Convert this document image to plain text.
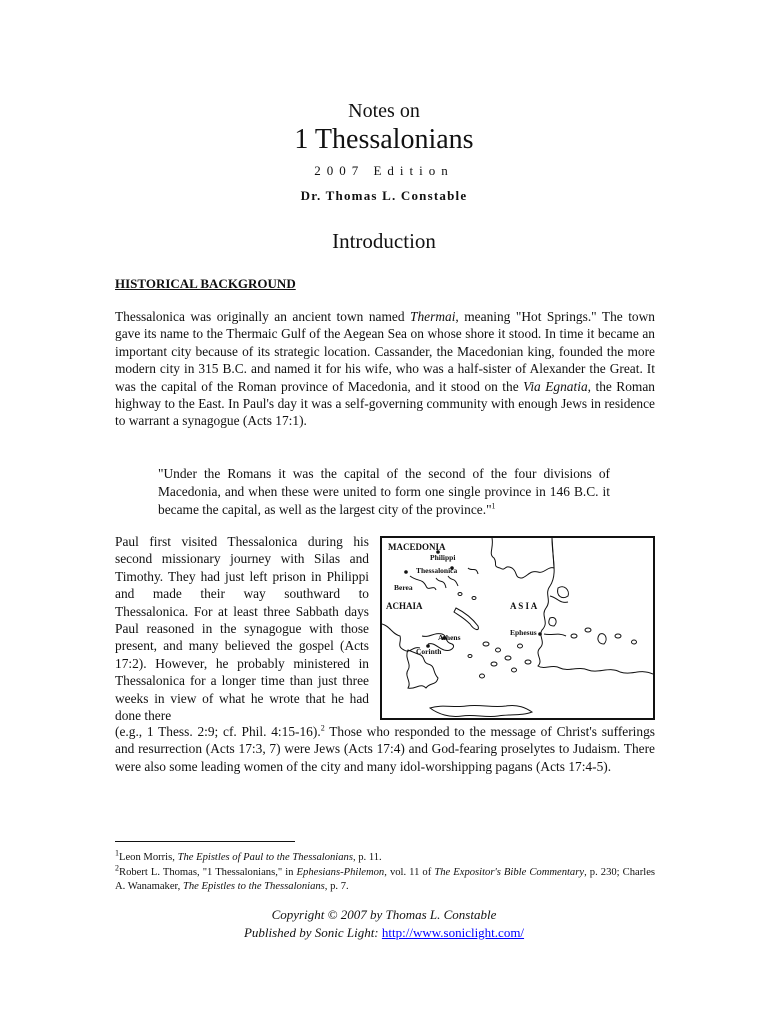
Notes on
1 Thessalonians
2007 Edition
Dr. Thomas L. Constable
Introduction
HISTORICAL BACKGROUND
Thessalonica was originally an ancient town named Thermai, meaning "Hot Springs." The town gave its name to the Thermaic Gulf of the Aegean Sea on whose shore it stood. In time it became an important city because of its strategic location. Cassander, the Macedonian king, founded the more modern city in 315 B.C. and named it for his wife, who was a half-sister of Alexander the Great. It was the capital of the Roman province of Macedonia, and it stood on the Via Egnatia, the Roman highway to the East. In Paul's day it was a self-governing community with enough Jews in residence to warrant a synagogue (Acts 17:1).
"Under the Romans it was the capital of the second of the four divisions of Macedonia, and when these were united to form one single province in 146 B.C. it became the capital, as well as the largest city of the province."$^1$
Paul first visited Thessalonica during his second missionary journey with Silas and Timothy. They had just left prison in Philippi and made their way southward to Thessalonica. For at least three Sabbath days Paul reasoned in the synagogue with those present, and many believed the gospel (Acts 17:2). However, he probably ministered in Thessalonica for a longer time than just three weeks in view of what he wrote that he had done there
MACEDONIA
Philippi
Thessalonica
Berea
ACHAIA	A S I A
Athens
Ephesus
Corinth
(e.g., 1 Thess. 2:9; cf. Phil. 4:15-16).$^2$ Those who responded to the message of Christ's sufferings and resurrection (Acts 17:3, 7) were Jews (Acts 17:4) and God-fearing proselytes to Judaism. There were also some leading women of the city and many idol-worshipping pagans (Acts 17:4-5).
$^1$Leon Morris, The Epistles of Paul to the Thessalonians, p. 11.
$^2$Robert L. Thomas, "1 Thessalonians," in Ephesians-Philemon, vol. 11 of The Expositor's Bible Commentary, p. 230; Charles A. Wanamaker, The Epistles to the Thessalonians, p. 7.
Copyright © 2007 by Thomas L. Constable
Published by Sonic Light: http://www.soniclight.com/
